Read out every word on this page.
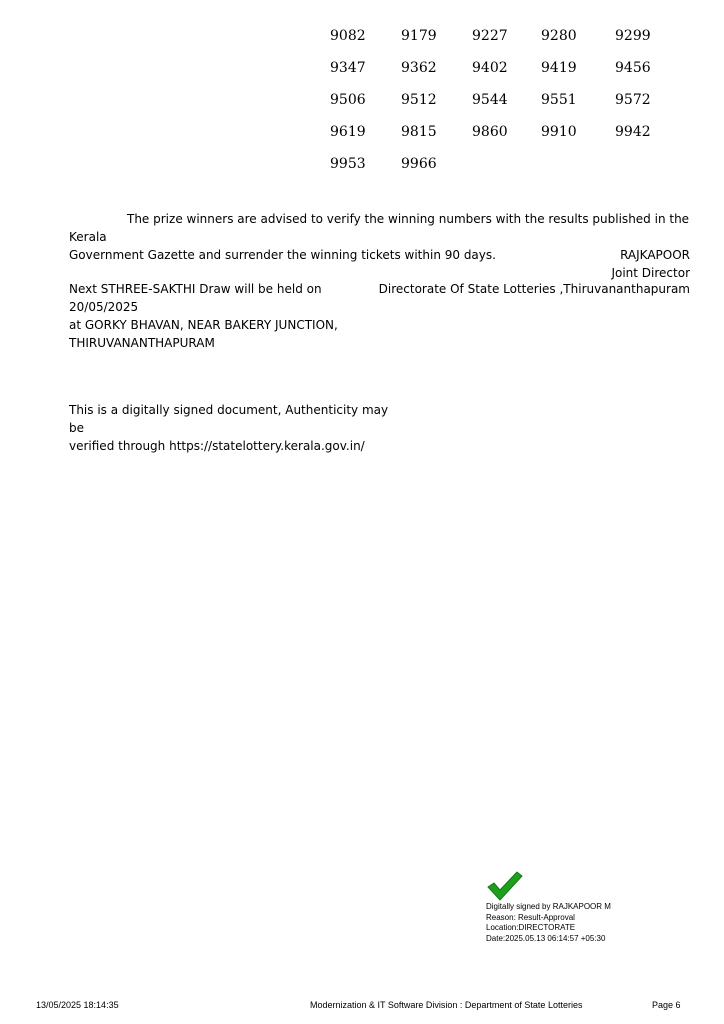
9082	9179	9227 9280	9299
9347	9362	9402 9419	9456
9506	9512	9544 9551	9572
9619	9815	9860 9910	9942
9953	9966
The prize winners are advised to verify the winning numbers with the results published in the Kerala
Government Gazette and surrender the winning tickets within 90 days.	RAJKAPOOR
Joint Director
Next STHREE-SAKTHI Draw will be held on 20/05/2025
at GORKY BHAVAN, NEAR BAKERY JUNCTION,
THIRUVANANTHAPURAM
Directorate Of State Lotteries ,Thiruvananthapuram
This is a digitally signed document, Authenticity may be
verified through https://statelottery.kerala.gov.in/
Digitally signed by RAJKAPOOR M
Reason: Result-Approval
Location:DIRECTORATE
Date:2025.05.13 06:14:57 +05:30
13/05/2025 18:14:35	Modernization & IT Software Division : Department of State Lotteries	Page 6
